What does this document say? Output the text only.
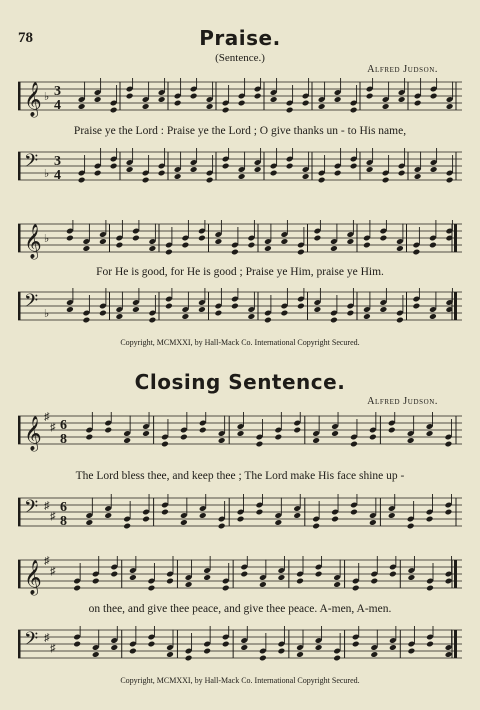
78	Praise.
(Sentence.)
Alfred Judson.
𝄞 ♭ 3
4
Praise ye the Lord : Praise ye the Lord ; O give thanks un - to His name,
𝄢 ♭
3
4
𝄞 ♭
For He is good, for He is good ; Praise ye Him, praise ye Him.
𝄢 ♭
Copyright, MCMXXI, by Hall-Mack Co. International Copyright Secured.
Closing Sentence.
Alfred Judson.
𝄞 ♯
♯ 6
8
The Lord bless thee, and keep thee ; The Lord make His face shine up -
𝄢 ♯
♯
6
8
𝄞 ♯
♯
on thee, and give thee peace, and give thee peace. A-men, A-men.
𝄢 ♯
♯
Copyright, MCMXXI, by Hall-Mack Co. International Copyright Secured.
